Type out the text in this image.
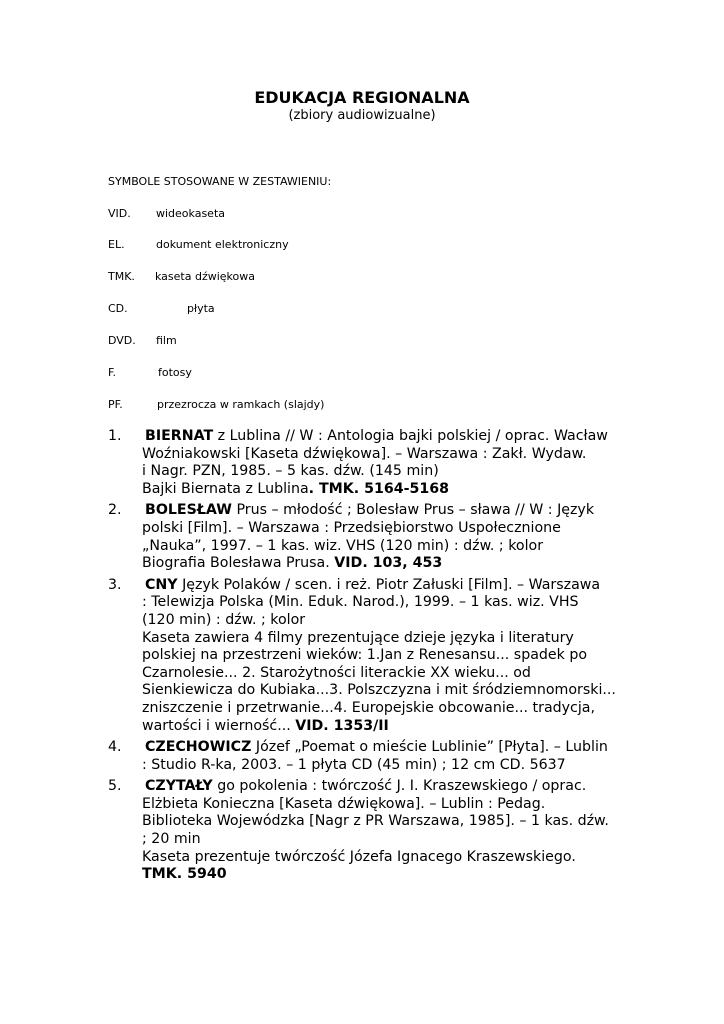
EDUKACJA REGIONALNA
(zbiory audiowizualne)
SYMBOLE STOSOWANE W ZESTAWIENIU:
VID. wideokaseta
EL.	dokument elektroniczny
TMK. kaseta dźwiękowa
CD.	płyta
DVD. film
F.	fotosy
PF.	przezrocza w ramkach (slajdy)
1. BIERNAT z Lublina // W : Antologia bajki polskiej / oprac. Wacław
Woźniakowski [Kaseta dźwiękowa]. – Warszawa : Zakł. Wydaw.
i Nagr. PZN, 1985. – 5 kas. dźw. (145 min)
Bajki Biernata z Lublina. TMK. 5164-5168
2. BOLESŁAW Prus – młodość ; Bolesław Prus – sława // W : Język
polski [Film]. – Warszawa : Przedsiębiorstwo Uspołecznione
„Nauka”, 1997. – 1 kas. wiz. VHS (120 min) : dźw. ; kolor
Biografia Bolesława Prusa. VID. 103, 453
3. CNY Język Polaków / scen. i reż. Piotr Załuski [Film]. – Warszawa
: Telewizja Polska (Min. Eduk. Narod.), 1999. – 1 kas. wiz. VHS
(120 min) : dźw. ; kolor
Kaseta zawiera 4 filmy prezentujące dzieje języka i literatury
polskiej na przestrzeni wieków: 1.Jan z Renesansu... spadek po
Czarnolesie... 2. Starożytności literackie XX wieku... od
Sienkiewicza do Kubiaka...3. Polszczyzna i mit śródziemnomorski...
zniszczenie i przetrwanie...4. Europejskie obcowanie... tradycja,
wartości i wierność... VID. 1353/II
4. CZECHOWICZ Józef „Poemat o mieście Lublinie” [Płyta]. – Lublin
: Studio R-ka, 2003. – 1 płyta CD (45 min) ; 12 cm CD. 5637
5. CZYTAŁY go pokolenia : twórczość J. I. Kraszewskiego / oprac.
Elżbieta Konieczna [Kaseta dźwiękowa]. – Lublin : Pedag.
Biblioteka Wojewódzka [Nagr z PR Warszawa, 1985]. – 1 kas. dźw.
; 20 min
Kaseta prezentuje twórczość Józefa Ignacego Kraszewskiego.
TMK. 5940
